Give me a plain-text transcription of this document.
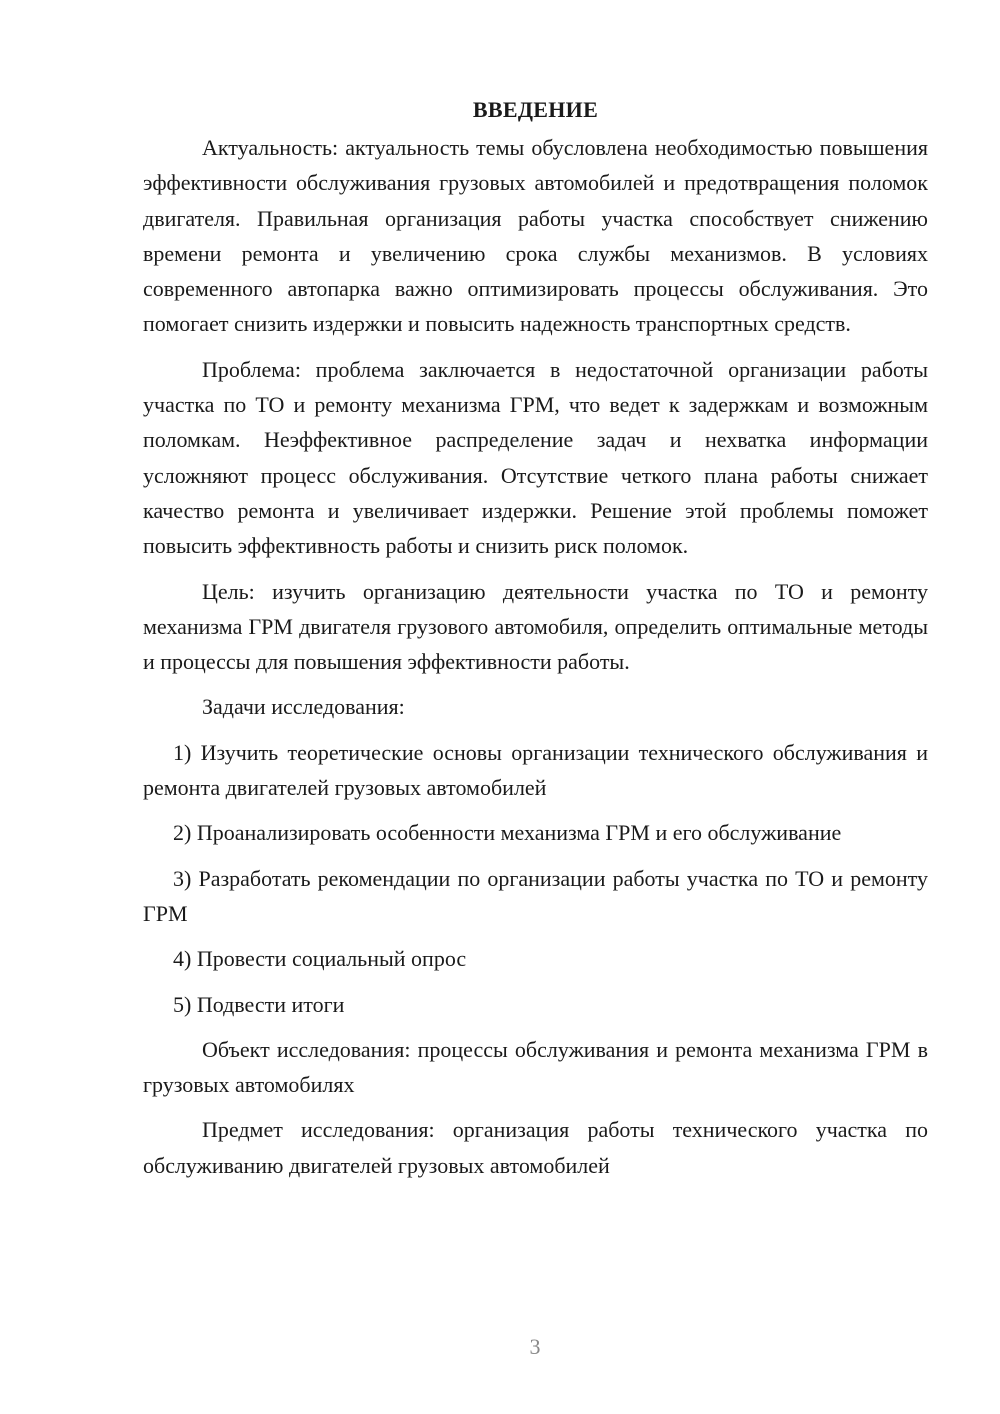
ВВЕДЕНИЕ

Актуальность: актуальность темы обусловлена необходимостью повышения эффективности обслуживания грузовых автомобилей и предотвращения поломок двигателя. Правильная организация работы участка способствует снижению времени ремонта и увеличению срока службы механизмов. В условиях современного автопарка важно оптимизировать процессы обслуживания. Это помогает снизить издержки и повысить надежность транспортных средств.

Проблема: проблема заключается в недостаточной организации работы участка по ТО и ремонту механизма ГРМ, что ведет к задержкам и возможным поломкам. Неэффективное распределение задач и нехватка информации усложняют процесс обслуживания. Отсутствие четкого плана работы снижает качество ремонта и увеличивает издержки. Решение этой проблемы поможет повысить эффективность работы и снизить риск поломок.

Цель: изучить организацию деятельности участка по ТО и ремонту механизма ГРМ двигателя грузового автомобиля, определить оптимальные методы и процессы для повышения эффективности работы.

Задачи исследования:

1) Изучить теоретические основы организации технического обслуживания и ремонта двигателей грузовых автомобилей

2) Проанализировать особенности механизма ГРМ и его обслуживание

3) Разработать рекомендации по организации работы участка по ТО и ремонту ГРМ

4) Провести социальный опрос

5) Подвести итоги

Объект исследования: процессы обслуживания и ремонта механизма ГРМ в грузовых автомобилях

Предмет исследования: организация работы технического участка по обслуживанию двигателей грузовых автомобилей

3
